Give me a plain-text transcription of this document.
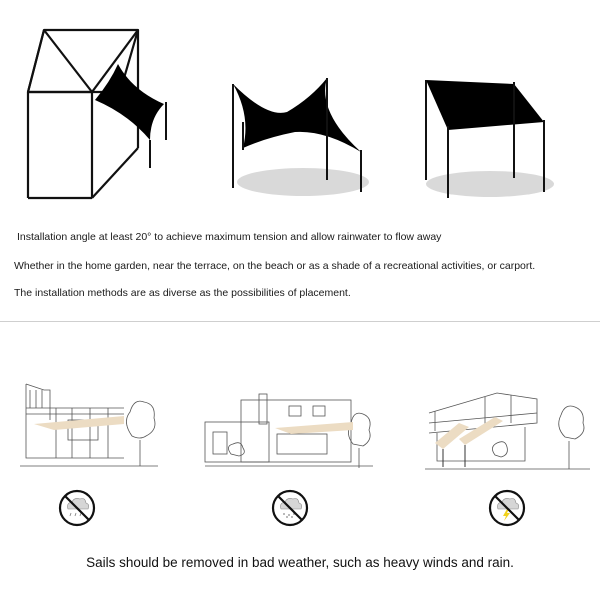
Installation angle at least 20° to achieve maximum tension and allow rainwater to flow away
Whether in the home garden, near the terrace, on the beach or as a shade of a recreational activities, or carport.
The installation methods are as diverse as the possibilities of placement.
Sails should be removed in bad weather, such as heavy winds and rain.
